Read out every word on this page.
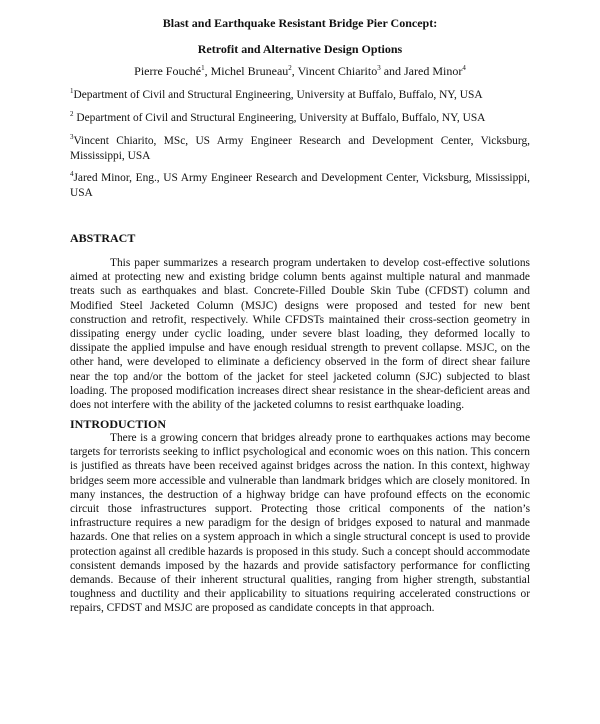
Blast and Earthquake Resistant Bridge Pier Concept:
Retrofit and Alternative Design Options
Pierre Fouché$^1$, Michel Bruneau$^2$, Vincent Chiarito$^3$ and Jared Minor$^4$
$^1$Department of Civil and Structural Engineering, University at Buffalo, Buffalo, NY, USA
$^2$ Department of Civil and Structural Engineering, University at Buffalo, Buffalo, NY, USA
$^3$Vincent Chiarito, MSc, US Army Engineer Research and Development Center, Vicksburg, Mississippi, USA
$^4$Jared Minor, Eng., US Army Engineer Research and Development Center, Vicksburg, Mississippi, USA
ABSTRACT
This paper summarizes a research program undertaken to develop cost-effective solutions aimed at protecting new and existing bridge column bents against multiple natural and manmade treats such as earthquakes and blast. Concrete-Filled Double Skin Tube (CFDST) column and Modified Steel Jacketed Column (MSJC) designs were proposed and tested for new bent construction and retrofit, respectively. While CFDSTs maintained their cross-section geometry in dissipating energy under cyclic loading, under severe blast loading, they deformed locally to dissipate the applied impulse and have enough residual strength to prevent collapse. MSJC, on the other hand, were developed to eliminate a deficiency observed in the form of direct shear failure near the top and/or the bottom of the jacket for steel jacketed column (SJC) subjected to blast loading. The proposed modification increases direct shear resistance in the shear-deficient areas and does not interfere with the ability of the jacketed columns to resist earthquake loading.
INTRODUCTION
There is a growing concern that bridges already prone to earthquakes actions may become targets for terrorists seeking to inflict psychological and economic woes on this nation. This concern is justified as threats have been received against bridges across the nation. In this context, highway bridges seem more accessible and vulnerable than landmark bridges which are closely monitored. In many instances, the destruction of a highway bridge can have profound effects on the economic circuit those infrastructures support. Protecting those critical components of the nation’s infrastructure requires a new paradigm for the design of bridges exposed to natural and manmade hazards. One that relies on a system approach in which a single structural concept is used to provide protection against all credible hazards is proposed in this study. Such a concept should accommodate consistent demands imposed by the hazards and provide satisfactory performance for conflicting demands. Because of their inherent structural qualities, ranging from higher strength, substantial toughness and ductility and their applicability to situations requiring accelerated constructions or repairs, CFDST and MSJC are proposed as candidate concepts in that approach.
